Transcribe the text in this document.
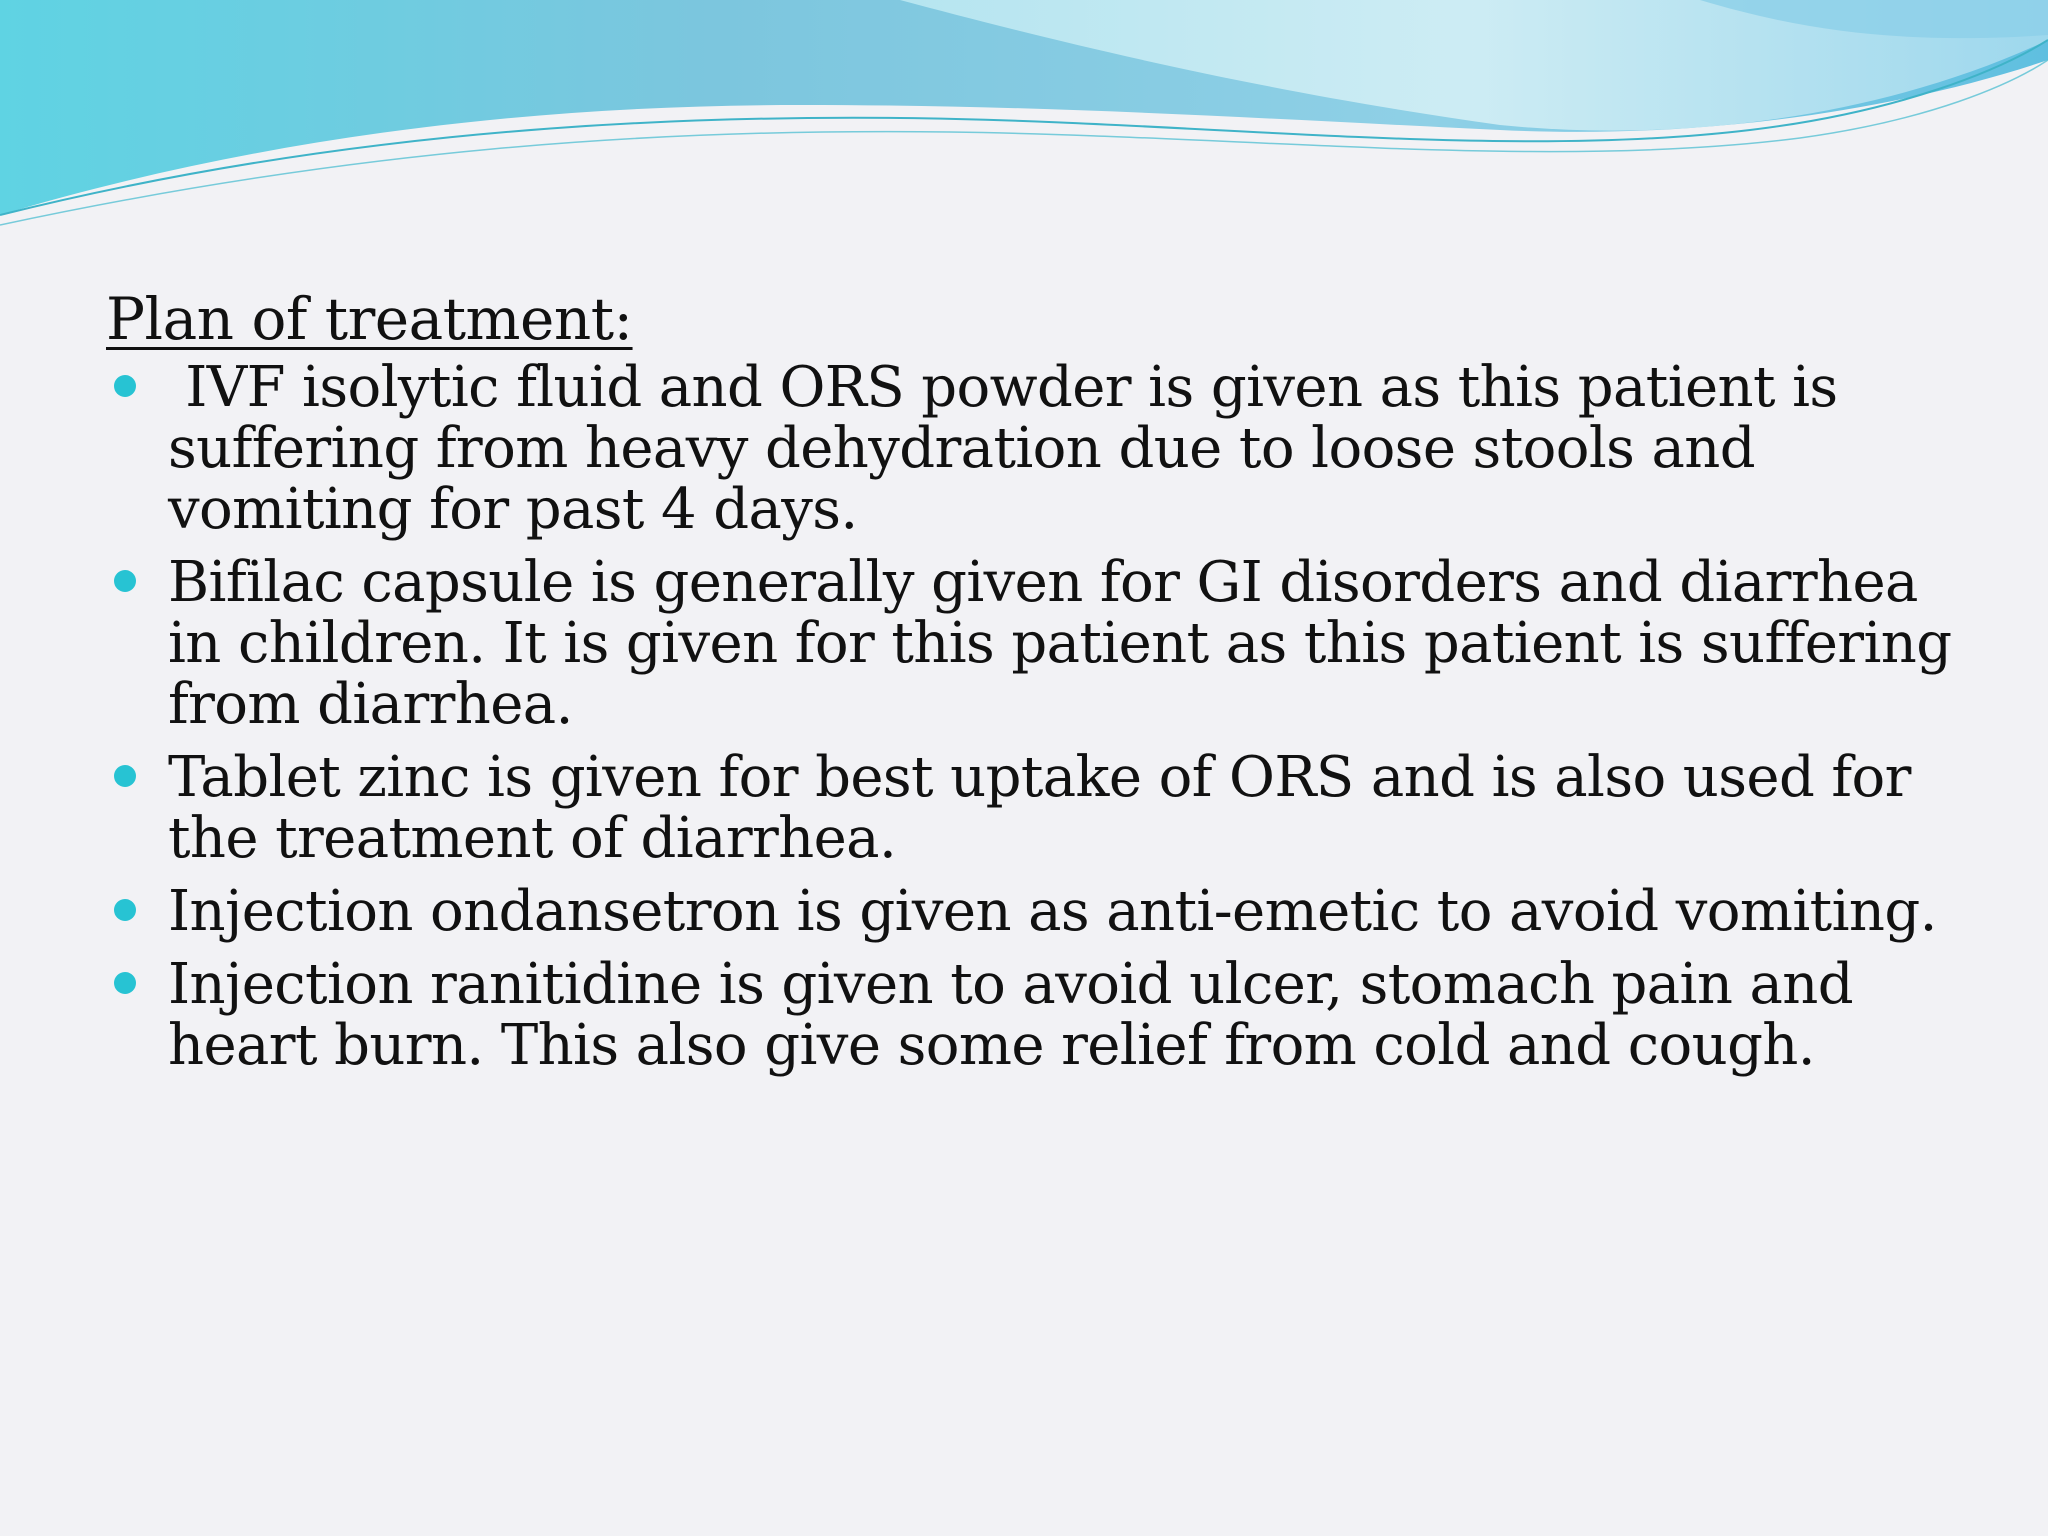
Plan of treatment:
IVF isolytic fluid and ORS powder is given as this patient is suffering from heavy dehydration due to loose stools and vomiting for past 4 days.
Bifilac capsule is generally given for GI disorders and diarrhea in children. It is given for this patient as this patient is suffering from diarrhea.
Tablet zinc is given for best uptake of ORS and is also used for the treatment of diarrhea.
Injection ondansetron is given as anti-emetic to avoid vomiting.
Injection ranitidine is given to avoid ulcer, stomach pain and heart burn. This also give some relief from cold and cough.
